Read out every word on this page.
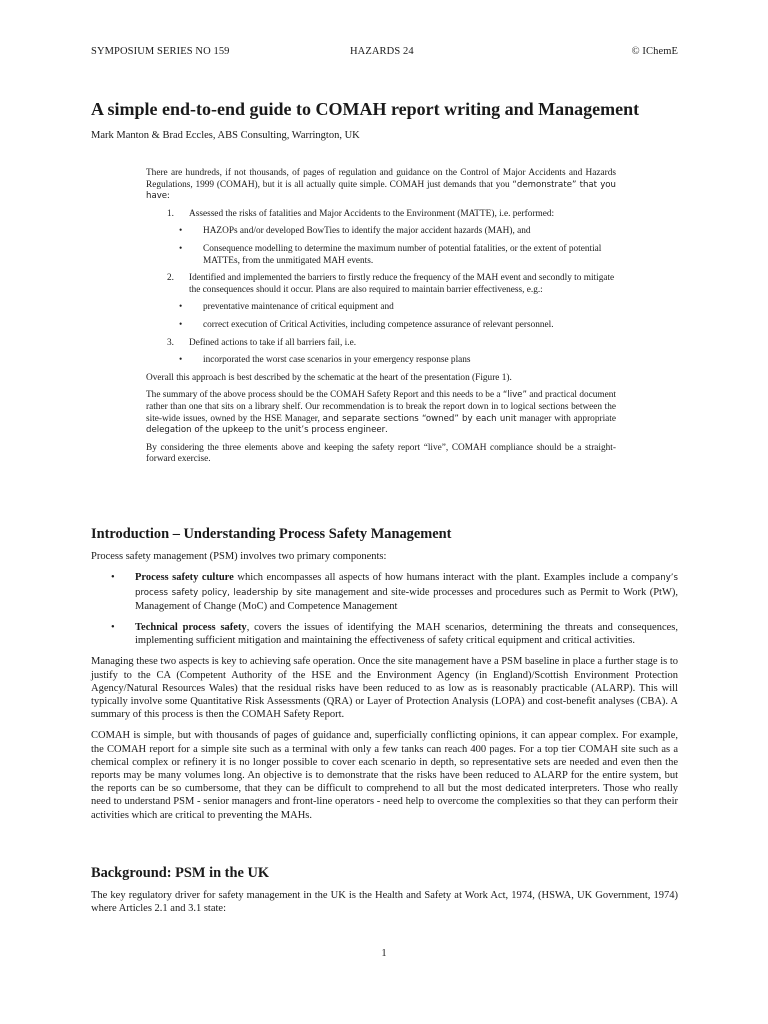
SYMPOSIUM SERIES NO 159	HAZARDS 24	© IChemE
A simple end-to-end guide to COMAH report writing and Management
Mark Manton & Brad Eccles, ABS Consulting, Warrington, UK

There are hundreds, if not thousands, of pages of regulation and guidance on the Control of Major Accidents and Hazards Regulations, 1999 (COMAH), but it is all actually quite simple. COMAH just demands that you “demonstrate” that you have:

1. Assessed the risks of fatalities and Major Accidents to the Environment (MATTE), i.e. performed:
• HAZOPs and/or developed BowTies to identify the major accident hazards (MAH), and
• Consequence modelling to determine the maximum number of potential fatalities, or the extent of potential MATTEs, from the unmitigated MAH events.
2. Identified and implemented the barriers to firstly reduce the frequency of the MAH event and secondly to mitigate the consequences should it occur. Plans are also required to maintain barrier effectiveness, e.g.:
• preventative maintenance of critical equipment and
• correct execution of Critical Activities, including competence assurance of relevant personnel.
3. Defined actions to take if all barriers fail, i.e.
• incorporated the worst case scenarios in your emergency response plans

Overall this approach is best described by the schematic at the heart of the presentation (Figure 1).

The summary of the above process should be the COMAH Safety Report and this needs to be a “live” and practical document rather than one that sits on a library shelf. Our recommendation is to break the report down in to logical sections between the site-wide issues, owned by the HSE Manager, and separate sections “owned” by each unit manager with appropriate delegation of the upkeep to the unit’s process engineer.

By considering the three elements above and keeping the safety report “live”, COMAH compliance should be a straight-forward exercise.

Introduction – Understanding Process Safety Management

Process safety management (PSM) involves two primary components:

• Process safety culture which encompasses all aspects of how humans interact with the plant. Examples include a company’s process safety policy, leadership by site management and site-wide processes and procedures such as Permit to Work (PtW), Management of Change (MoC) and Competence Management
• Technical process safety, covers the issues of identifying the MAH scenarios, determining the threats and consequences, implementing sufficient mitigation and maintaining the effectiveness of safety critical equipment and critical activities.

Managing these two aspects is key to achieving safe operation. Once the site management have a PSM baseline in place a further stage is to justify to the CA (Competent Authority of the HSE and the Environment Agency (in England)/Scottish Environment Protection Agency/Natural Resources Wales) that the residual risks have been reduced to as low as is reasonably practicable (ALARP). This will typically involve some Quantitative Risk Assessments (QRA) or Layer of Protection Analysis (LOPA) and cost-benefit analyses (CBA). A summary of this process is then the COMAH Safety Report.

COMAH is simple, but with thousands of pages of guidance and, superficially conflicting opinions, it can appear complex. For example, the COMAH report for a simple site such as a terminal with only a few tanks can reach 400 pages. For a top tier COMAH site such as a chemical complex or refinery it is no longer possible to cover each scenario in depth, so representative sets are needed and even then the reports may be many volumes long. An objective is to demonstrate that the risks have been reduced to ALARP for the entire system, but the reports can be so cumbersome, that they can be difficult to comprehend to all but the most dedicated interpreters. Those who really need to understand PSM - senior managers and front-line operators - need help to overcome the complexities so that they can perform their activities which are critical to preventing the MAHs.

Background: PSM in the UK

The key regulatory driver for safety management in the UK is the Health and Safety at Work Act, 1974, (HSWA, UK Government, 1974) where Articles 2.1 and 3.1 state:

1
